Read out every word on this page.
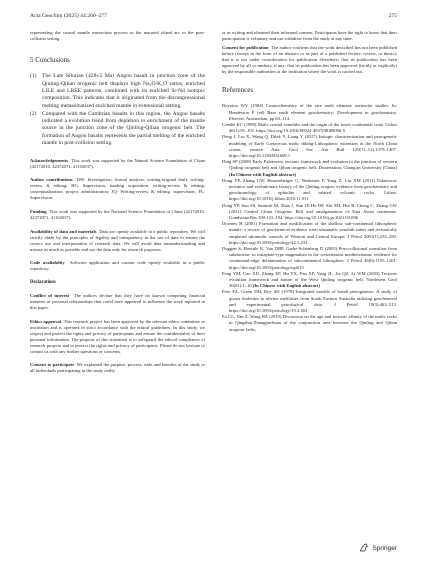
Acta Geochim (2025) 44:260–277	275

representing the crustal mantle interaction process in the matured island arc in the post-collision setting.

5 Conclusions
(1) The Late Silurian (428±5 Ma) Angou basalt in junction zone of the Qinling-Qilian orogenic belt displays high Na₂O/K₂O ratios, enriched LILE and LREE patterns, combined with its enriched Sr-Nd isotopic composition. This indicates that it originated from the decompressional melting metasomatized enriched mantle in extensional setting.
(2) Compared with the Cambrian basalts in this region, the Angou basalts indicated a evolution trend from depletion to enrichment of the mantle source in the junction zone of the Qinling-Qilian orogenic belt. The formation of Angou basalts represents the partial melting of the enriched mantle in post-collision setting.

Acknowledgements This work was supported by the Natural Science Foundation of China (42172010, 42372071, 41102037).

Author contributions DW: Investigation, formal analysis, writing-original draft, writing-review & editing; HG: Supervision, funding acquisition, writing-review & editing, conceptualization, project administration; JQ: Writing-review & editing, supervision; FL: Supervision.

Funding This work was supported by the National Science Foundation of China (42172010, 42372071, 41102037).

Availability of data and materials Data are openly available in a public repository. We will strictly abide by the principles of legality and transparency in the use of data to ensure the correct use and interpretation of research data. We will avoid data misunderstanding and misuse as much as possible and use the data only for research purposes.

Code availability Software application and custom code openly available in a public repository.

Declarations

Conflict of interest The authors declare that they have no known competing financial interests or personal relationships that could have appeared to influence the work reported in this paper.

Ethics approval This research project has been approved by the relevant ethics committee or institution and is operated in strict accordance with the ethical guidelines. In this study, we respect and protect the rights and privacy of participants and ensure the confidentiality of their personal information. The purpose of this statement is to safeguard the ethical compliance of research projects and to protect the rights and privacy of participants. Please do not hesitate to contact us with any further questions or concerns.

Consent to participate We explained the purpose, process, risks and benefits of the study to all individuals participating in the study orally

or in writing and obtained their informed consent. Participants have the right to know that their participation is voluntary and can withdraw from the study at any time.

Consent for publication The author confirms that the work described has not been published before (except in the form of an abstract or as part of a published lecture, review, or thesis); that it is not under consideration for publication elsewhere; that its publication has been approved by all co-authors, if any; that its publication has been approved (tacitly or explicitly) by the responsible authorities at the institution where the work is carried out.

References
Boynton WV (1984) Cosmochemistry of the rare earth element: meteorite studies. In: Henderson P (ed) Rare earth element geochemistry: Development in geochemistry. Elsevier, Amsterdam, pp 63–114.
Condie KC (1999) Mafic crustal xenoliths and the origin of the lower continental crust. Lithos 46(1):95–101. https://doi.org/10.1016/S0024-4937(98)00056-5
Deng J, Liu X, Wang Q, Dilek Y, Liang Y (2017) Isotopic characterization and petrogenetic modeling of Early Cretaceous mafic diking-Lithospheric extension in the North China craton, eastern Asia. Geol Soc Am Bull 129(11–12):1379–1407. https://doi.org/10.1130/B31609.1
Ding SP (2008) Early Palaeozoic tectonic framework and evolution in the junction of western Qinling orogenic belt and Qilian orogenic belt. Dissertation, Chang'an University (China) (In Chinese with English abstract)
Dong YP, Zhang GW, Hauzenberger C, Neubauer F, Yang Z, Liu XM (2011) Palaeozoic tectonics and evolutionary history of the Qinling orogen: evidence from geochemistry and geochronology of ophiolite and related volcanic rocks. Lithos. https://doi.org/10.1016/j.lithos.2010.11.011
Dong YP, Sun SS, Santosh M, Zhao J, Sun JP, He DF, Shi XH, Hui B, Cheng C, Zhang GW (2021) Central China Orogenic Belt and amalgamation of East Asian continents. Gondwana Res 100:131–194. https://doi.org/10.1016/j.gr.2021.03.006
Downes H (2001) Formation and modification of the shallow sub-continental lithospheric mantle: a review of geochemical evidence from ultramafic xenolith suites and tectonically emplaced ultramafic massifs of Western and Central Europe. J Petrol 2001(1):233–250. https://doi.org/10.1093/petrology/42.1.233
Duggen S, Hoernle K, Van DBP, Garbe-Schönberg D (2005) Post-collisional transition from subduction- to intraplate-type magmatism in the westernmost mediterranean: evidence for continental-edge delamination of subcontinental lithosphere. J Petrol 46(6):1155–1201. https://doi.org/10.1093/petrology/egi013
Feng YM, Cao XD, Zhang EP, Hu YX, Pan XP, Yang JL, Jia QZ, Li WM (2003) Tectonic evolution framework and nature of the West Qinling orogenic belt. Northwest Geol 36(01):1–10 (In Chinese with English abstract)
Frey FA, Green DH, Roy SD (1978) Integrated models of basalt petrogenesis: A study of quartz tholeiites to olivine melilitites from South Eastern Australia utilizing geochemical and experimental petrological data. J Petrol 19(3):463–513. https://doi.org/10.1093/petrology/19.3.463
Fu CL, Yan Z, Wang BZ (2019) Discussion on the age and tectonic affinity of the mafic rocks in Qingshui-Zhangjiachuan of the conjunction area between the Qinling and Qilian orogenic belts.
Springer
